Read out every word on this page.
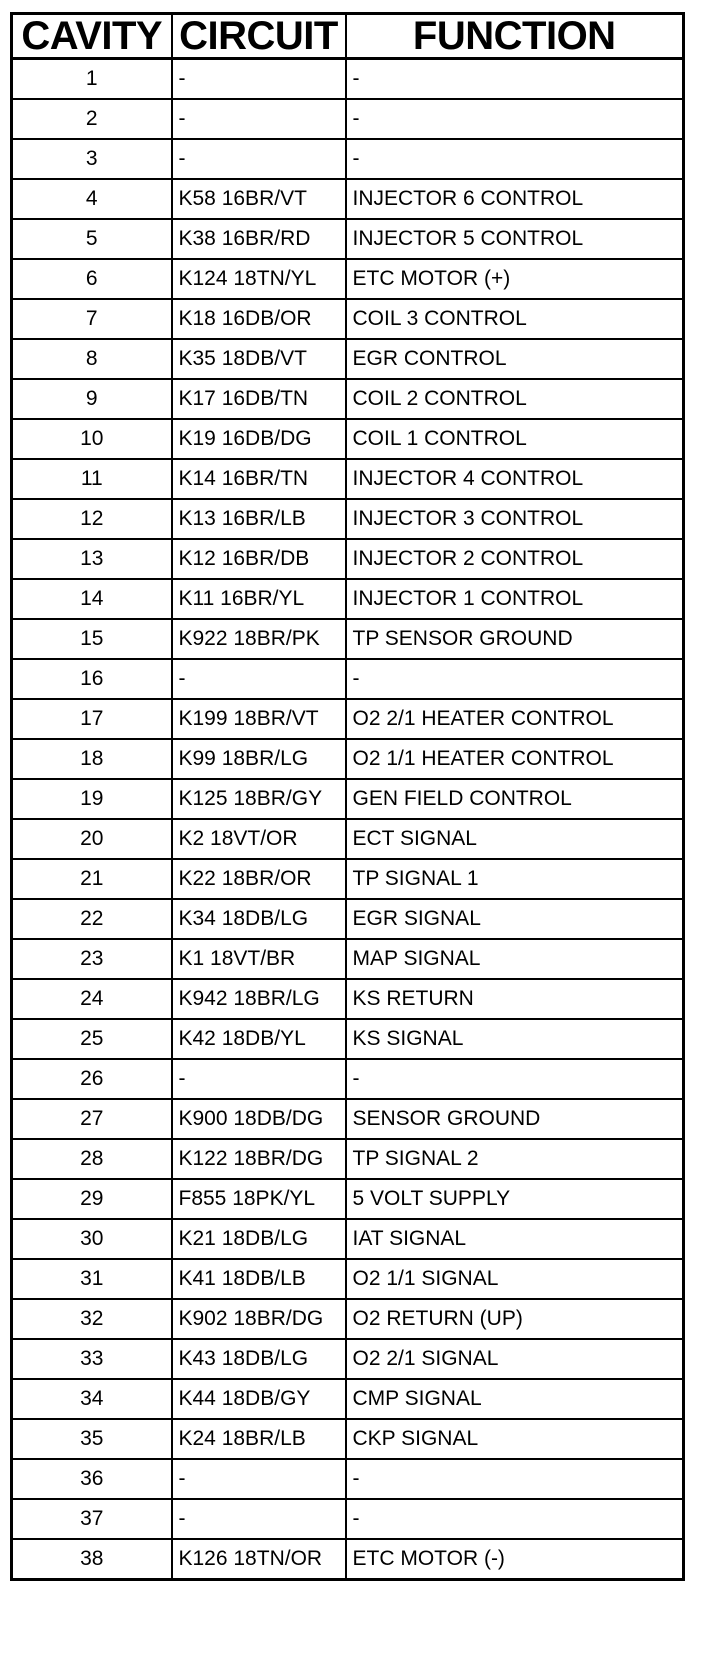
CAVITY	CIRCUIT	FUNCTION
1	-	-
2	-	-
3	-	-
4	K58 16BR/VT	INJECTOR 6 CONTROL
5	K38 16BR/RD	INJECTOR 5 CONTROL
6	K124 18TN/YL	ETC MOTOR (+)
7	K18 16DB/OR	COIL 3 CONTROL
8	K35 18DB/VT	EGR CONTROL
9	K17 16DB/TN	COIL 2 CONTROL
10	K19 16DB/DG	COIL 1 CONTROL
11	K14 16BR/TN	INJECTOR 4 CONTROL
12	K13 16BR/LB	INJECTOR 3 CONTROL
13	K12 16BR/DB	INJECTOR 2 CONTROL
14	K11 16BR/YL	INJECTOR 1 CONTROL
15	K922 18BR/PK	TP SENSOR GROUND
16	-	-
17	K199 18BR/VT	O2 2/1 HEATER CONTROL
18	K99 18BR/LG	O2 1/1 HEATER CONTROL
19	K125 18BR/GY	GEN FIELD CONTROL
20	K2 18VT/OR	ECT SIGNAL
21	K22 18BR/OR	TP SIGNAL 1
22	K34 18DB/LG	EGR SIGNAL
23	K1 18VT/BR	MAP SIGNAL
24	K942 18BR/LG	KS RETURN
25	K42 18DB/YL	KS SIGNAL
26	-	-
27	K900 18DB/DG	SENSOR GROUND
28	K122 18BR/DG	TP SIGNAL 2
29	F855 18PK/YL	5 VOLT SUPPLY
30	K21 18DB/LG	IAT SIGNAL
31	K41 18DB/LB	O2 1/1 SIGNAL
32	K902 18BR/DG	O2 RETURN (UP)
33	K43 18DB/LG	O2 2/1 SIGNAL
34	K44 18DB/GY	CMP SIGNAL
35	K24 18BR/LB	CKP SIGNAL
36	-	-
37	-	-
38	K126 18TN/OR	ETC MOTOR (-)
